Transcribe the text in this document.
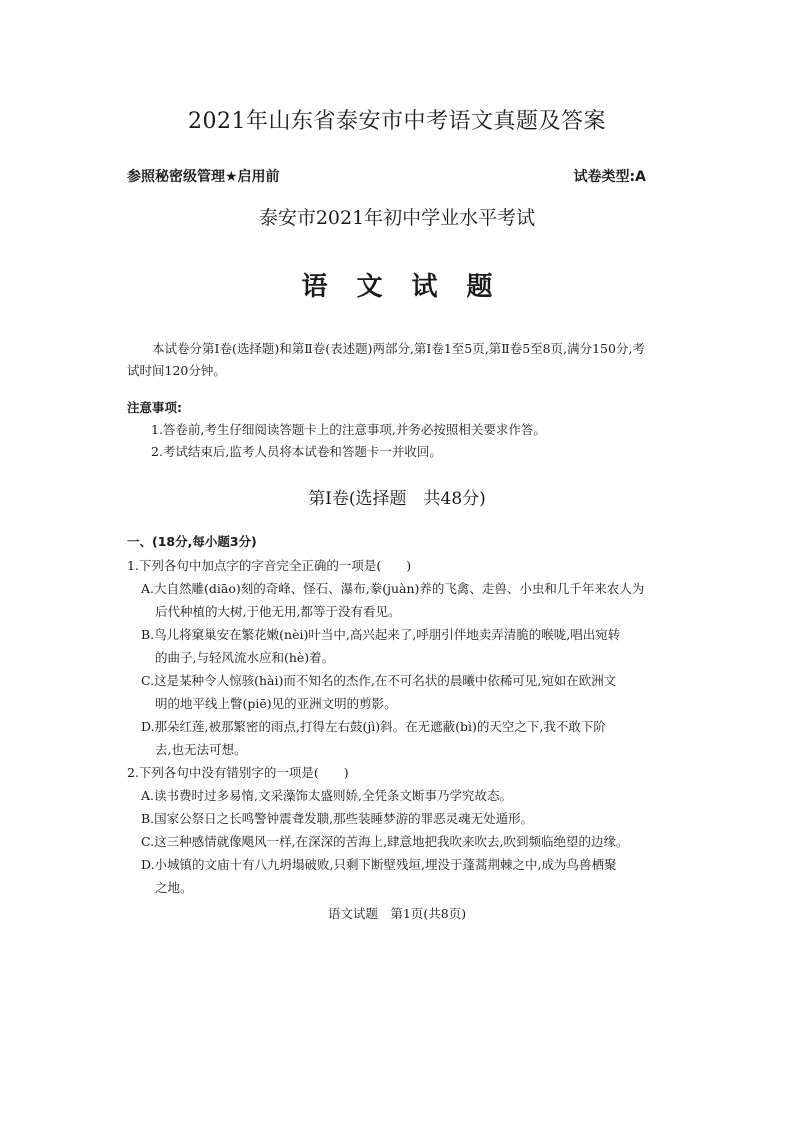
2021年山东省泰安市中考语文真题及答案
参照秘密级管理★启用前	试卷类型:A
泰安市2021年初中学业水平考试
语文试题
本试卷分第Ⅰ卷(选择题)和第Ⅱ卷(表述题)两部分,第Ⅰ卷1至5页,第Ⅱ卷5至8页,满分150分,考试时间120分钟。
注意事项:
1.答卷前,考生仔细阅读答题卡上的注意事项,并务必按照相关要求作答。
2.考试结束后,监考人员将本试卷和答题卡一并收回。
第Ⅰ卷(选择题　共48分)
一、(18分,每小题3分)
1.下列各句中加点字的字音完全正确的一项是(　　)
A.大自然雕(diāo)刻的奇峰、怪石、瀑布,豢(juàn)养的飞禽、走兽、小虫和几千年来农人为
后代种植的大树,于他无用,都等于没有看见。
B.鸟儿将窠巢安在繁花嫩(nèi)叶当中,高兴起来了,呼朋引伴地卖弄清脆的喉咙,唱出宛转
的曲子,与轻风流水应和(hè)着。
C.这是某种令人惊骇(hài)而不知名的杰作,在不可名状的晨曦中依稀可见,宛如在欧洲文
明的地平线上瞥(piē)见的亚洲文明的剪影。
D.那朵红莲,被那繁密的雨点,打得左右鼓(jì)斜。在无遮蔽(bì)的天空之下,我不敢下阶
去,也无法可想。
2.下列各句中没有错别字的一项是(　　)
A.读书费时过多易惰,文采藻饰太盛则娇,全凭条文断事乃学究故态。
B.国家公祭日之长鸣警钟震聋发聩,那些装睡梦游的罪恶灵魂无处遁形。
C.这三种感情就像飓风一样,在深深的苦海上,肆意地把我吹来吹去,吹到频临绝望的边缘。
D.小城镇的文庙十有八九坍塌破败,只剩下断壁残垣,埋没于蓬蒿荆棘之中,成为鸟兽栖聚
之地。
语文试题　第1页(共8页)
